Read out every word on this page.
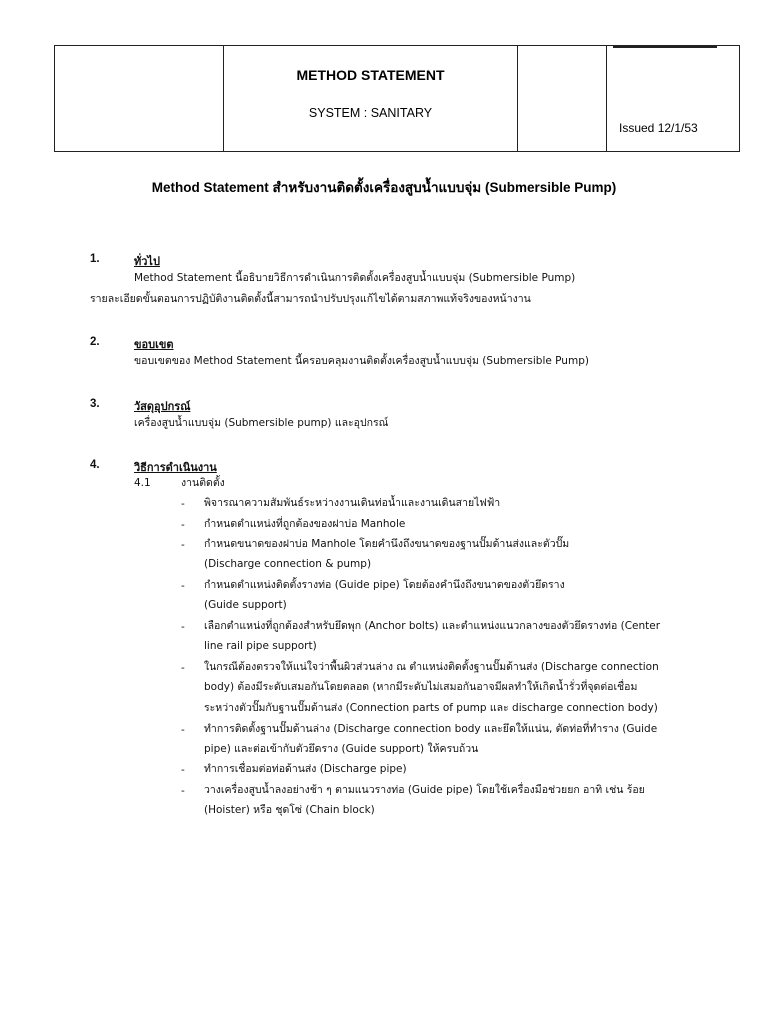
METHOD STATEMENT
SYSTEM : SANITARY
Issued 12/1/53
Method Statement สำหรับงานติดตั้งเครื่องสูบน้ำแบบจุ่ม (Submersible Pump)
1.	ทั่วไป
Method Statement นี้อธิบายวิธีการดำเนินการติดตั้งเครื่องสูบน้ำแบบจุ่ม (Submersible Pump)
รายละเอียดขั้นตอนการปฏิบัติงานติดตั้งนี้สามารถนำปรับปรุงแก้ไขได้ตามสภาพแท้จริงของหน้างาน
2.	ขอบเขต
ขอบเขตของ Method Statement นี้ครอบคลุมงานติดตั้งเครื่องสูบน้ำแบบจุ่ม (Submersible Pump)
3.	วัสดุอุปกรณ์
เครื่องสูบน้ำแบบจุ่ม (Submersible pump) และอุปกรณ์
4.	วิธีการดำเนินงาน
4.1	งานติดตั้ง
- พิจารณาความสัมพันธ์ระหว่างงานเดินท่อน้ำและงานเดินสายไฟฟ้า
- กำหนดตำแหน่งที่ถูกต้องของฝาบ่อ Manhole
- กำหนดขนาดของฝาบ่อ Manhole โดยคำนึงถึงขนาดของฐานปั๊มด้านส่งและตัวปั๊ม
(Discharge connection & pump)
- กำหนดตำแหน่งติดตั้งรางท่อ (Guide pipe) โดยต้องคำนึงถึงขนาดของตัวยึดราง
(Guide support)
- เลือกตำแหน่งที่ถูกต้องสำหรับยึดพุก (Anchor bolts) และตำแหน่งแนวกลางของตัวยึดรางท่อ (Center
line rail pipe support)
- ในกรณีต้องตรวจให้แน่ใจว่าพื้นผิวส่วนล่าง ณ ตำแหน่งติดตั้งฐานปั๊มด้านส่ง (Discharge connection
body) ต้องมีระดับเสมอกันโดยตลอด (หากมีระดับไม่เสมอกันอาจมีผลทำให้เกิดน้ำรั่วที่จุดต่อเชื่อม
ระหว่างตัวปั๊มกับฐานปั๊มด้านส่ง (Connection parts of pump และ discharge connection body)
- ทำการติดตั้งฐานปั๊มด้านล่าง (Discharge connection body และยึดให้แน่น, ตัดท่อที่ทำราง (Guide
pipe) และต่อเข้ากับตัวยึดราง (Guide support) ให้ครบถ้วน
- ทำการเชื่อมต่อท่อด้านส่ง (Discharge pipe)
- วางเครื่องสูบน้ำลงอย่างช้า ๆ ตามแนวรางท่อ (Guide pipe) โดยใช้เครื่องมือช่วยยก อาทิ เช่น ร้อย
(Hoister) หรือ ชุดโซ่ (Chain block)
